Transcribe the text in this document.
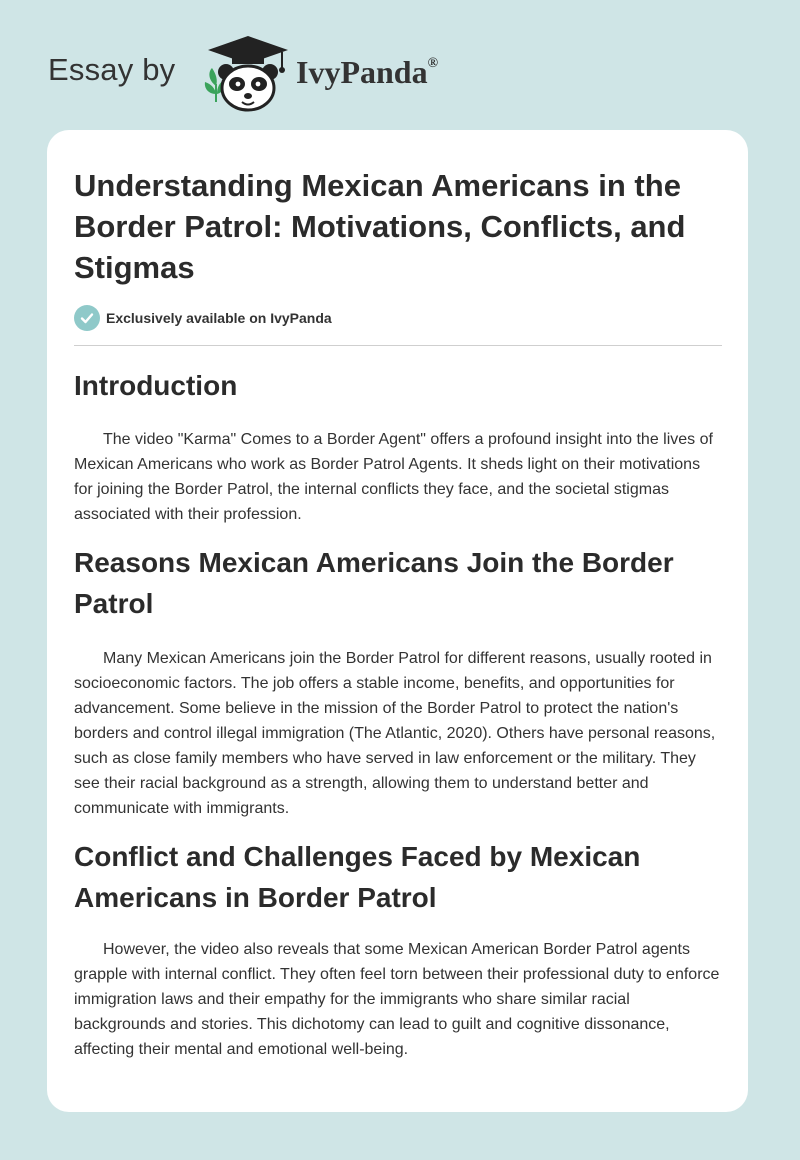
Essay by	IvyPanda®
Understanding Mexican Americans in the Border Patrol: Motivations, Conflicts, and Stigmas
Exclusively available on IvyPanda
Introduction

The video "Karma" Comes to a Border Agent" offers a profound insight into the lives of Mexican Americans who work as Border Patrol Agents. It sheds light on their motivations for joining the Border Patrol, the internal conflicts they face, and the societal stigmas associated with their profession.

Reasons Mexican Americans Join the Border Patrol

Many Mexican Americans join the Border Patrol for different reasons, usually rooted in socioeconomic factors. The job offers a stable income, benefits, and opportunities for advancement. Some believe in the mission of the Border Patrol to protect the nation's borders and control illegal immigration (The Atlantic, 2020). Others have personal reasons, such as close family members who have served in law enforcement or the military. They see their racial background as a strength, allowing them to understand better and communicate with immigrants.

Conflict and Challenges Faced by Mexican Americans in Border Patrol

However, the video also reveals that some Mexican American Border Patrol agents grapple with internal conflict. They often feel torn between their professional duty to enforce immigration laws and their empathy for the immigrants who share similar racial backgrounds and stories. This dichotomy can lead to guilt and cognitive dissonance, affecting their mental and emotional well-being.
